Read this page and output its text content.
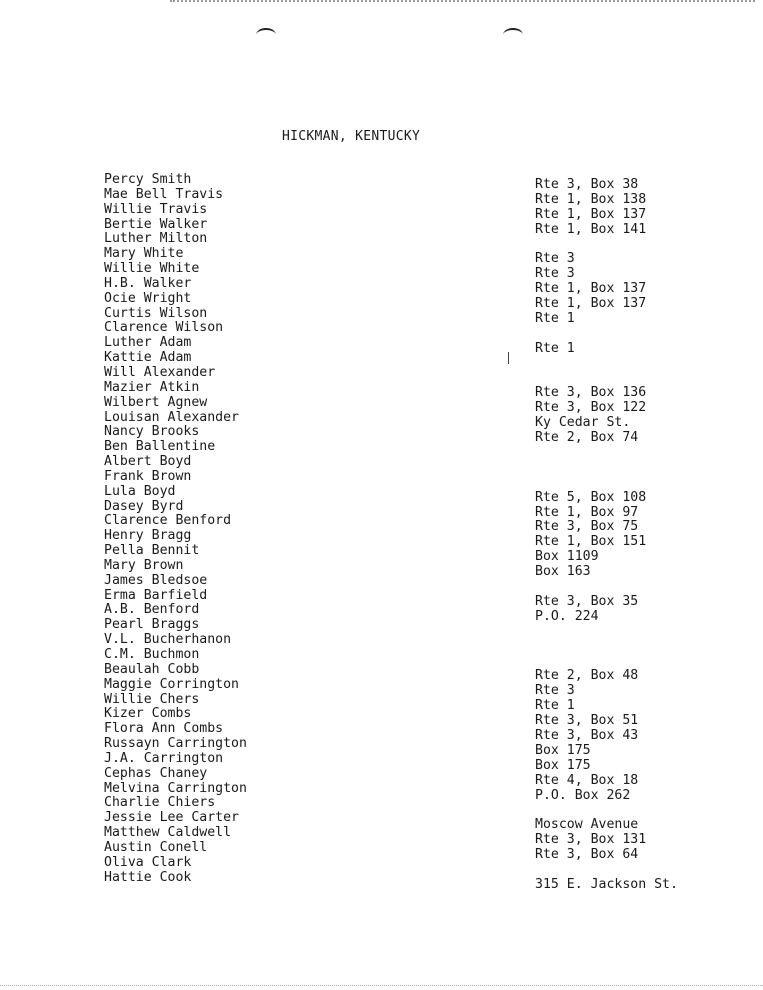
HICKMAN, KENTUCKY
Percy Smith
Mae Bell Travis
Willie Travis
Bertie Walker
Luther Milton
Mary White
Willie White
H.B. Walker
Ocie Wright
Curtis Wilson
Clarence Wilson
Luther Adam
Kattie Adam
Will Alexander
Mazier Atkin
Wilbert Agnew
Louisan Alexander
Nancy Brooks
Ben Ballentine
Albert Boyd
Frank Brown
Lula Boyd
Dasey Byrd
Clarence Benford
Henry Bragg
Pella Bennit
Mary Brown
James Bledsoe
Erma Barfield
A.B. Benford
Pearl Braggs
V.L. Bucherhanon
C.M. Buchmon
Beaulah Cobb
Maggie Corrington
Willie Chers
Kizer Combs
Flora Ann Combs
Russayn Carrington
J.A. Carrington
Cephas Chaney
Melvina Carrington
Charlie Chiers
Jessie Lee Carter
Matthew Caldwell
Austin Conell
Oliva Clark
Hattie Cook
Rte 3, Box 38
Rte 1, Box 138
Rte 1, Box 137
Rte 1, Box 141
Rte 3
Rte 3
Rte 1, Box 137
Rte 1, Box 137
Rte 1
Rte 1
Rte 3, Box 136
Rte 3, Box 122
Ky Cedar St.
Rte 2, Box 74
Rte 5, Box 108
Rte 1, Box 97
Rte 3, Box 75
Rte 1, Box 151
Box 1109
Box 163
Rte 3, Box 35
P.O. 224
Rte 2, Box 48
Rte 3
Rte 1
Rte 3, Box 51
Rte 3, Box 43
Box 175
Box 175
Rte 4, Box 18
P.O. Box 262
Moscow Avenue
Rte 3, Box 131
Rte 3, Box 64
315 E. Jackson St.
